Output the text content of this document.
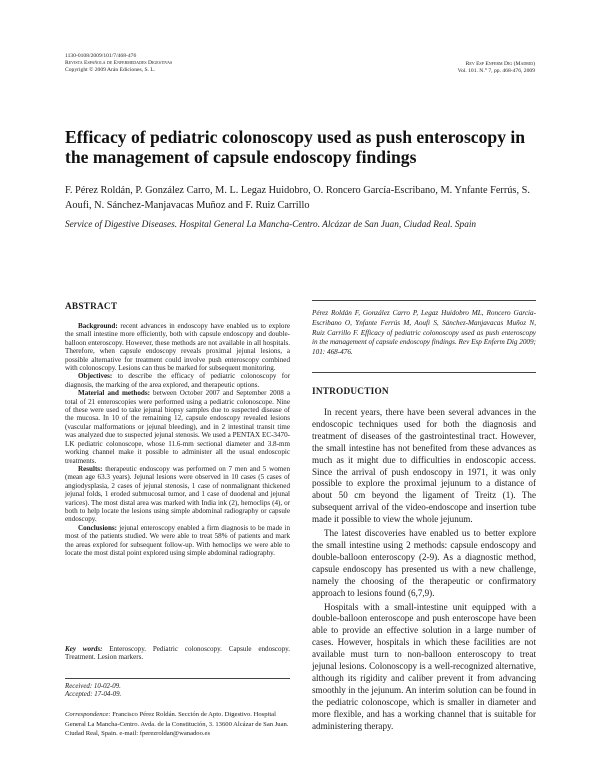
1130-0108/2009/101/7/468-476
Revista Española de Enfermedades Digestivas
Copyright © 2009 Arán Ediciones, S. L.
Rev Esp Enferm Dig (Madrid)
Vol. 101. N.° 7, pp. 468-476, 2009
Efficacy of pediatric colonoscopy used as push enteroscopy in the management of capsule endoscopy findings
F. Pérez Roldán, P. González Carro, M. L. Legaz Huidobro, O. Roncero García-Escribano, M. Ynfante Ferrús, S. Aoufi, N. Sánchez-Manjavacas Muñoz and F. Ruiz Carrillo
Service of Digestive Diseases. Hospital General La Mancha-Centro. Alcázar de San Juan, Ciudad Real. Spain
ABSTRACT

Background: recent advances in endoscopy have enabled us to explore the small intestine more efficiently, both with capsule endoscopy and double-balloon enteroscopy. However, these methods are not available in all hospitals. Therefore, when capsule endoscopy reveals proximal jejunal lesions, a possible alternative for treatment could involve push enteroscopy combined with colonoscopy. Lesions can thus be marked for subsequent monitoring.

Objectives: to describe the efficacy of pediatric colonoscopy for diagnosis, the marking of the area explored, and therapeutic options.

Material and methods: between October 2007 and September 2008 a total of 21 enteroscopies were performed using a pediatric colonoscope. Nine of these were used to take jejunal biopsy samples due to suspected disease of the mucosa. In 10 of the remaining 12, capsule endoscopy revealed lesions (vascular malformations or jejunal bleeding), and in 2 intestinal transit time was analyzed due to suspected jejunal stenosis. We used a PENTAX EC-3470-LK pediatric colonoscope, whose 11.6-mm sectional diameter and 3.8-mm working channel make it possible to administer all the usual endoscopic treatments.

Results: therapeutic endoscopy was performed on 7 men and 5 women (mean age 63.3 years). Jejunal lesions were observed in 10 cases (5 cases of angiodysplasia, 2 cases of jejunal stenosis, 1 case of nonmalignant thickened jejunal folds, 1 eroded submucosal tumor, and 1 case of duodenal and jejunal varices). The most distal area was marked with India ink (2), hemoclips (4), or both to help locate the lesions using simple abdominal radiography or capsule endoscopy.

Conclusions: jejunal enteroscopy enabled a firm diagnosis to be made in most of the patients studied. We were able to treat 58% of patients and mark the areas explored for subsequent follow-up. With hemoclips we were able to locate the most distal point explored using simple abdominal radiography.

Key words: Enteroscopy. Pediatric colonoscopy. Capsule endoscopy. Treatment. Lesion markers.
Received: 10-02-09.
Accepted: 17-04-09.
Correspondence: Francisco Pérez Roldán. Sección de Apto. Digestivo. Hospital General La Mancha-Centro. Avda. de la Constitución, 3. 13600 Alcázar de San Juan. Ciudad Real, Spain. e-mail: fperezroldan@wanadoo.es
Pérez Roldán F, González Carro P, Legaz Huidobro ML, Roncero García-Escribano O, Ynfante Ferrús M, Aoufi S, Sánchez-Manjavacas Muñoz N, Ruiz Carrillo F. Efficacy of pediatric colonoscopy used as push enteroscopy in the management of capsule endoscopy findings. Rev Esp Enferm Dig 2009; 101: 468-476.
INTRODUCTION

In recent years, there have been several advances in the endoscopic techniques used for both the diagnosis and treatment of diseases of the gastrointestinal tract. However, the small intestine has not benefited from these advances as much as it might due to difficulties in endoscopic access. Since the arrival of push endoscopy in 1971, it was only possible to explore the proximal jejunum to a distance of about 50 cm beyond the ligament of Treitz (1). The subsequent arrival of the video-endoscope and insertion tube made it possible to view the whole jejunum.

The latest discoveries have enabled us to better explore the small intestine using 2 methods: capsule endoscopy and double-balloon enteroscopy (2-9). As a diagnostic method, capsule endoscopy has presented us with a new challenge, namely the choosing of the therapeutic or confirmatory approach to lesions found (6,7,9).

Hospitals with a small-intestine unit equipped with a double-balloon enteroscope and push enteroscope have been able to provide an effective solution in a large number of cases. However, hospitals in which these facilities are not available must turn to non-balloon enteroscopy to treat jejunal lesions. Colonoscopy is a well-recognized alternative, although its rigidity and caliber prevent it from advancing smoothly in the jejunum. An interim solution can be found in the pediatric colonoscope, which is smaller in diameter and more flexible, and has a working channel that is suitable for administering therapy.
